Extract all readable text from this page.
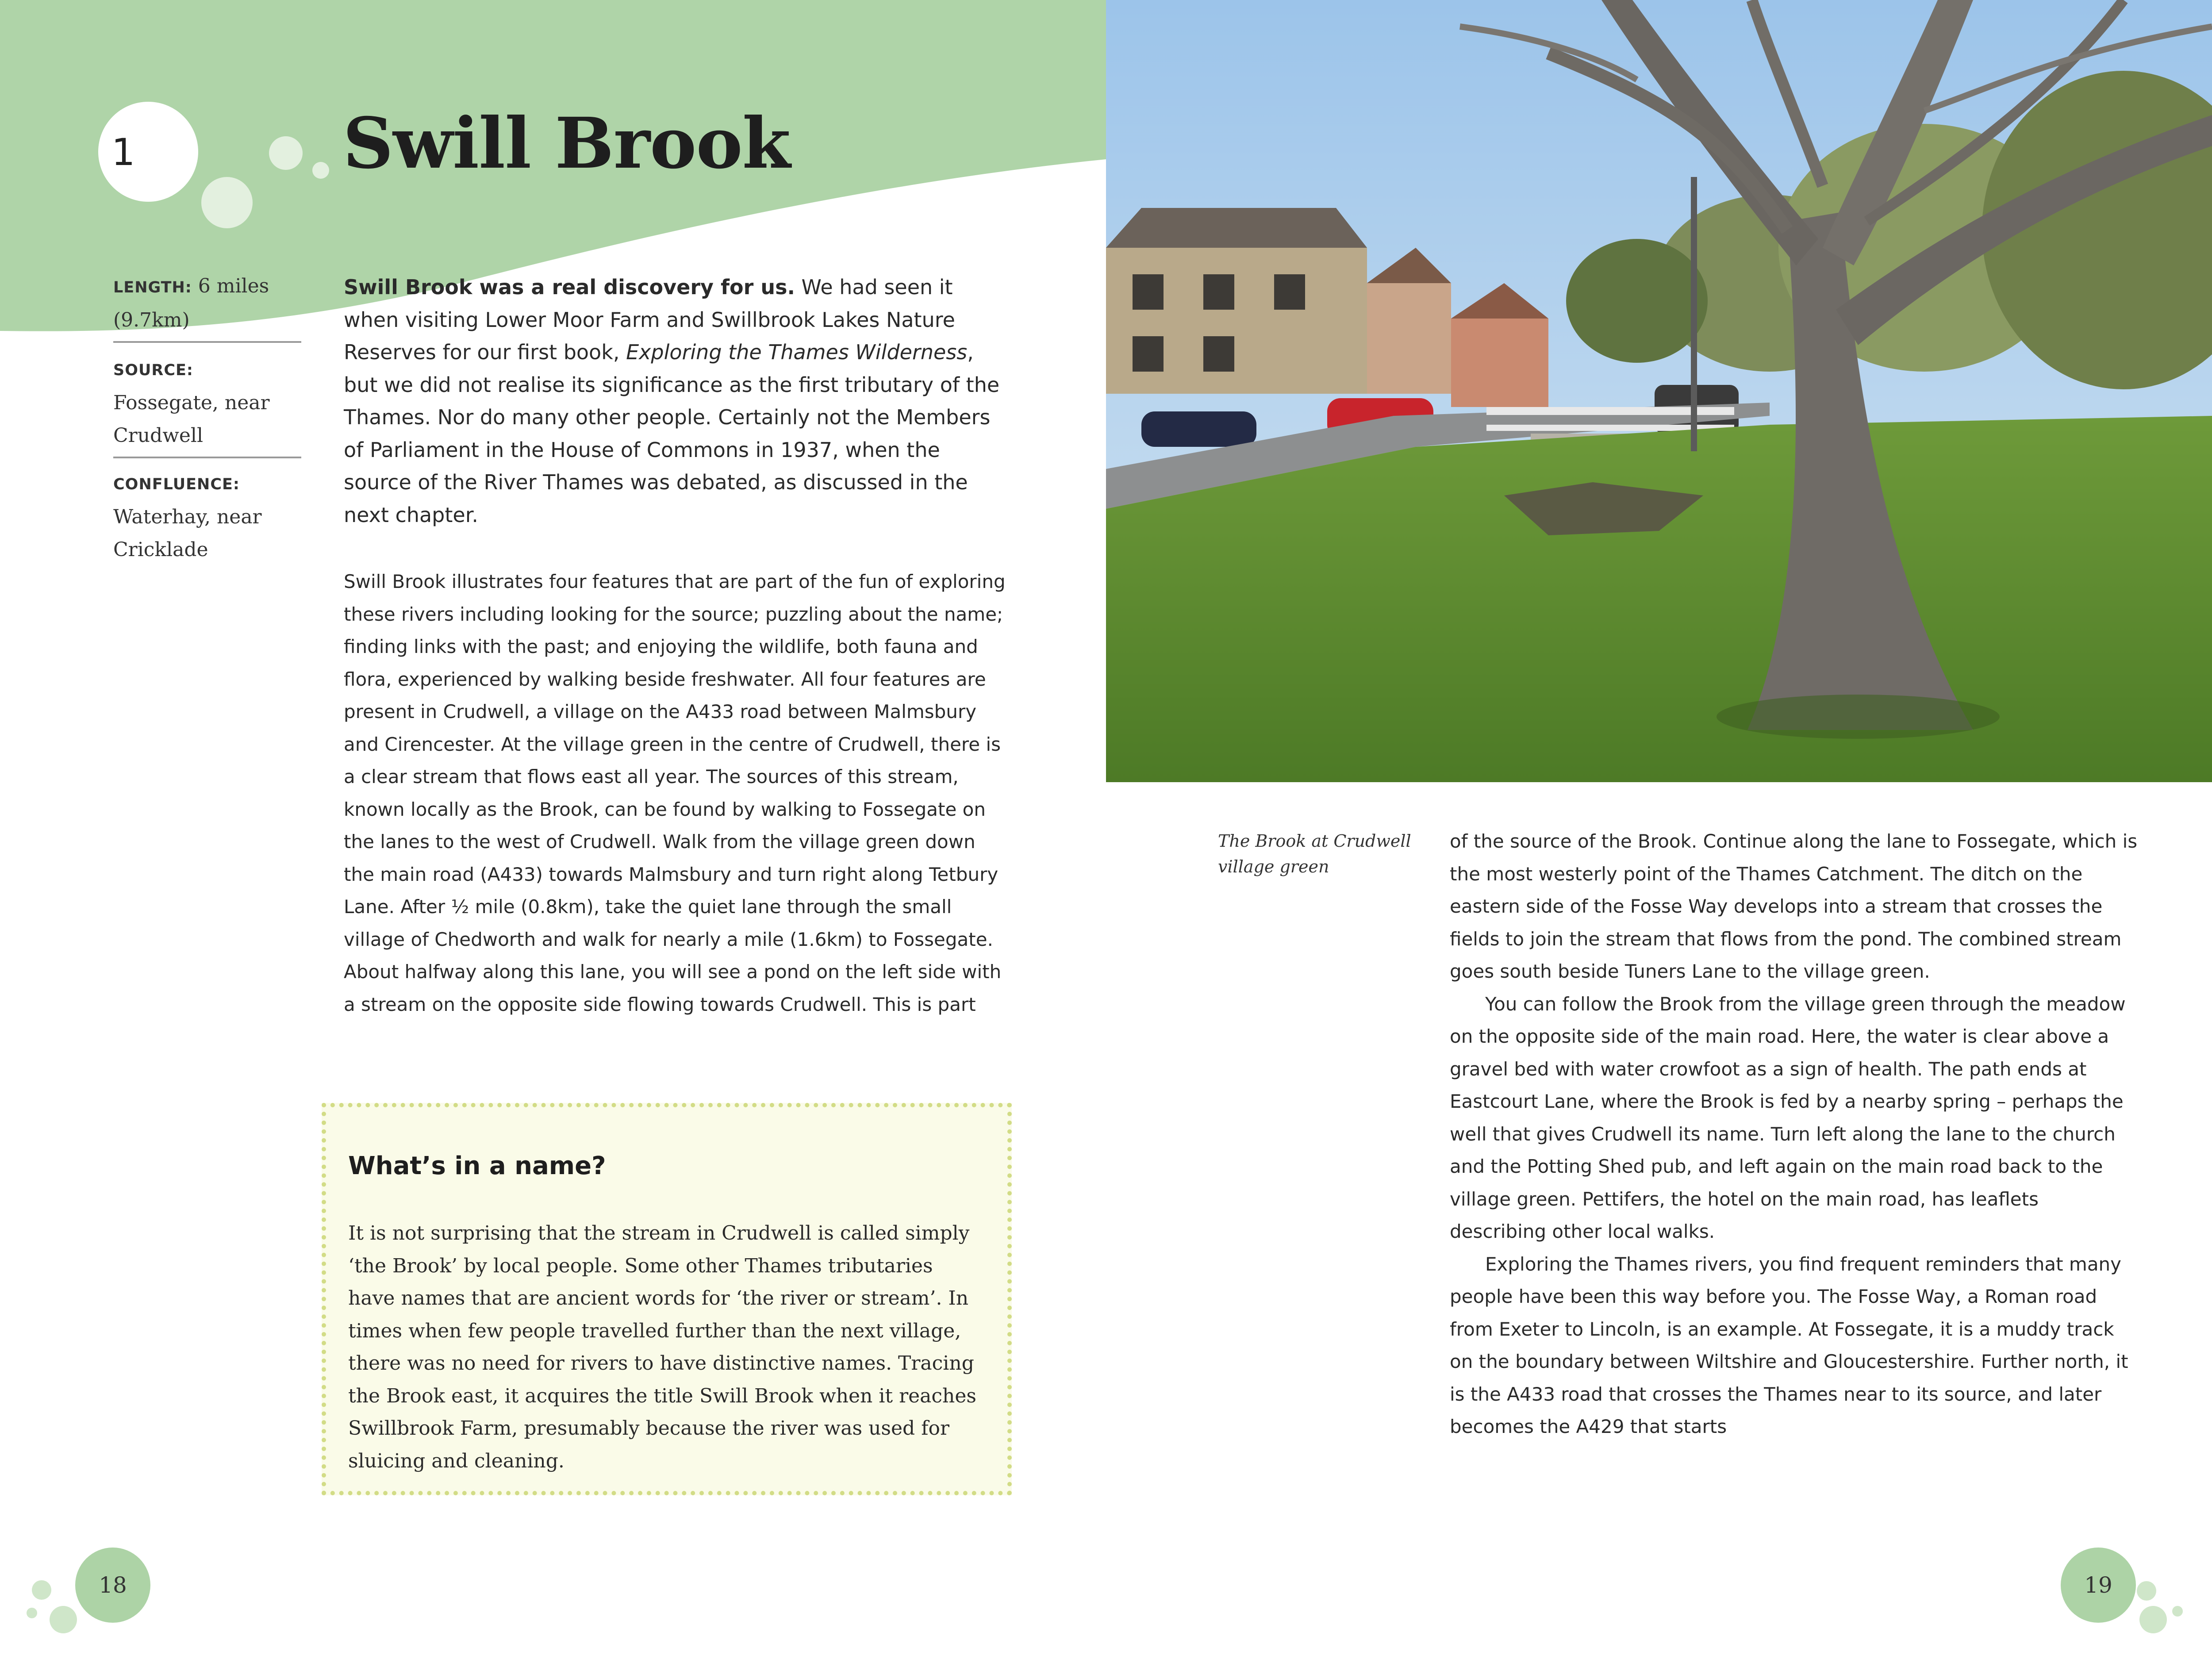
1	Swill Brook
LENGTH: 6 miles (9.7km)
SOURCE: Fossegate, near Crudwell
CONFLUENCE:
Waterhay, near Cricklade

Swill Brook was a real discovery for us. We had seen it when visiting Lower Moor Farm and Swillbrook Lakes Nature Reserves for our first book, Exploring the Thames Wilderness, but we did not realise its significance as the first tributary of the Thames. Nor do many other people. Certainly not the Members of Parliament in the House of Commons in 1937, when the source of the River Thames was debated, as discussed in the next chapter.

Swill Brook illustrates four features that are part of the fun of exploring these rivers including looking for the source; puzzling about the name; finding links with the past; and enjoying the wildlife, both fauna and flora, experienced by walking beside freshwater. All four features are present in Crudwell, a village on the A433 road between Malmsbury and Cirencester. At the village green in the centre of Crudwell, there is a clear stream that flows east all year. The sources of this stream, known locally as the Brook, can be found by walking to Fossegate on the lanes to the west of Crudwell. Walk from the village green down the main road (A433) towards Malmsbury and turn right along Tetbury Lane. After ½ mile (0.8km), take the quiet lane through the small village of Chedworth and walk for nearly a mile (1.6km) to Fossegate. About halfway along this lane, you will see a pond on the left side with a stream on the opposite side flowing towards Crudwell. This is part

What’s in a name?
It is not surprising that the stream in Crudwell is called simply ‘the Brook’ by local people. Some other Thames tributaries have names that are ancient words for ‘the river or stream’. In times when few people travelled further than the next village, there was no need for rivers to have distinctive names. Tracing the Brook east, it acquires the title Swill Brook when it reaches Swillbrook Farm, presumably because the river was used for sluicing and cleaning.
The Brook at Crudwell village green

of the source of the Brook. Continue along the lane to Fossegate, which is the most westerly point of the Thames Catchment. The ditch on the eastern side of the Fosse Way develops into a stream that crosses the fields to join the stream that flows from the pond. The combined stream goes south beside Tuners Lane to the village green.

You can follow the Brook from the village green through the meadow on the opposite side of the main road. Here, the water is clear above a gravel bed with water crowfoot as a sign of health. The path ends at Eastcourt Lane, where the Brook is fed by a nearby spring – perhaps the well that gives Crudwell its name. Turn left along the lane to the church and the Potting Shed pub, and left again on the main road back to the village green. Pettifers, the hotel on the main road, has leaflets describing other local walks.

Exploring the Thames rivers, you find frequent reminders that many people have been this way before you. The Fosse Way, a Roman road from Exeter to Lincoln, is an example. At Fossegate, it is a muddy track on the boundary between Wiltshire and Gloucestershire. Further north, it is the A433 road that crosses the Thames near to its source, and later becomes the A429 that starts

18	19
